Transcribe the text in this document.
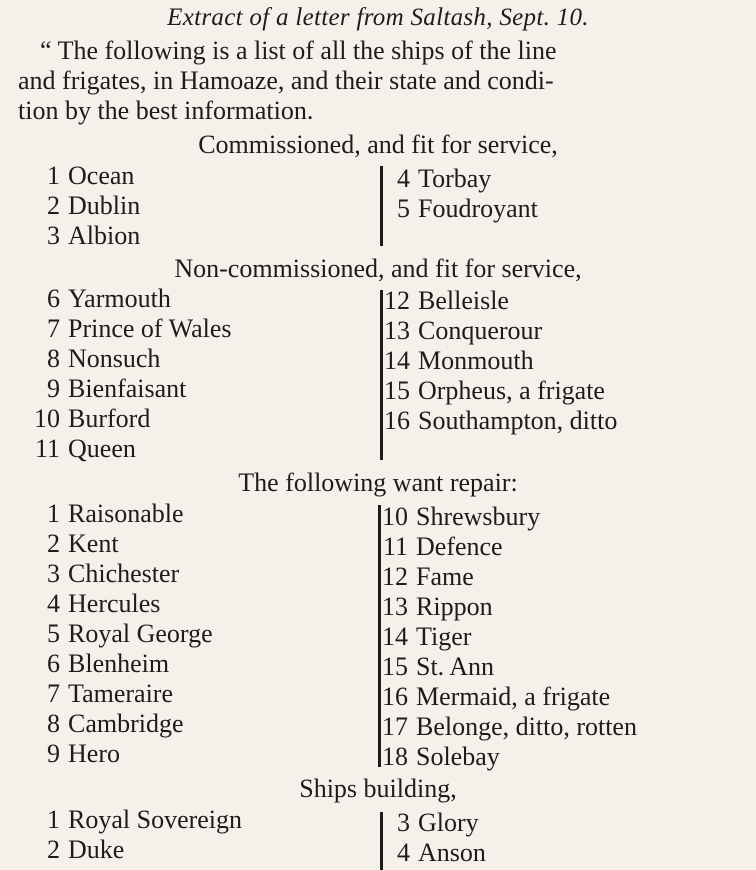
Extract of a letter from Saltash, Sept. 10.
“ The following is a list of all the ships of the line
and frigates, in Hamoaze, and their state and condi-
tion by the best information.
Commissioned, and fit for service,
1 Ocean
2 Dublin
3 Albion
4 Torbay
5 Foudroyant
Non-commissioned, and fit for service,
6 Yarmouth
7 Prince of Wales
8 Nonsuch
9 Bienfaisant
10 Burford
11 Queen
12 Belleisle
13 Conquerour
14 Monmouth
15 Orpheus, a frigate
16 Southampton, ditto
The following want repair:
1 Raisonable
2 Kent
3 Chichester
4 Hercules
5 Royal George
6 Blenheim
7 Tameraire
8 Cambridge
9 Hero
10 Shrewsbury
11 Defence
12 Fame
13 Rippon
14 Tiger
15 St. Ann
16 Mermaid, a frigate
17 Belonge, ditto, rotten
18 Solebay
Ships building,
1 Royal Sovereign
2 Duke
3 Glory
4 Anson
